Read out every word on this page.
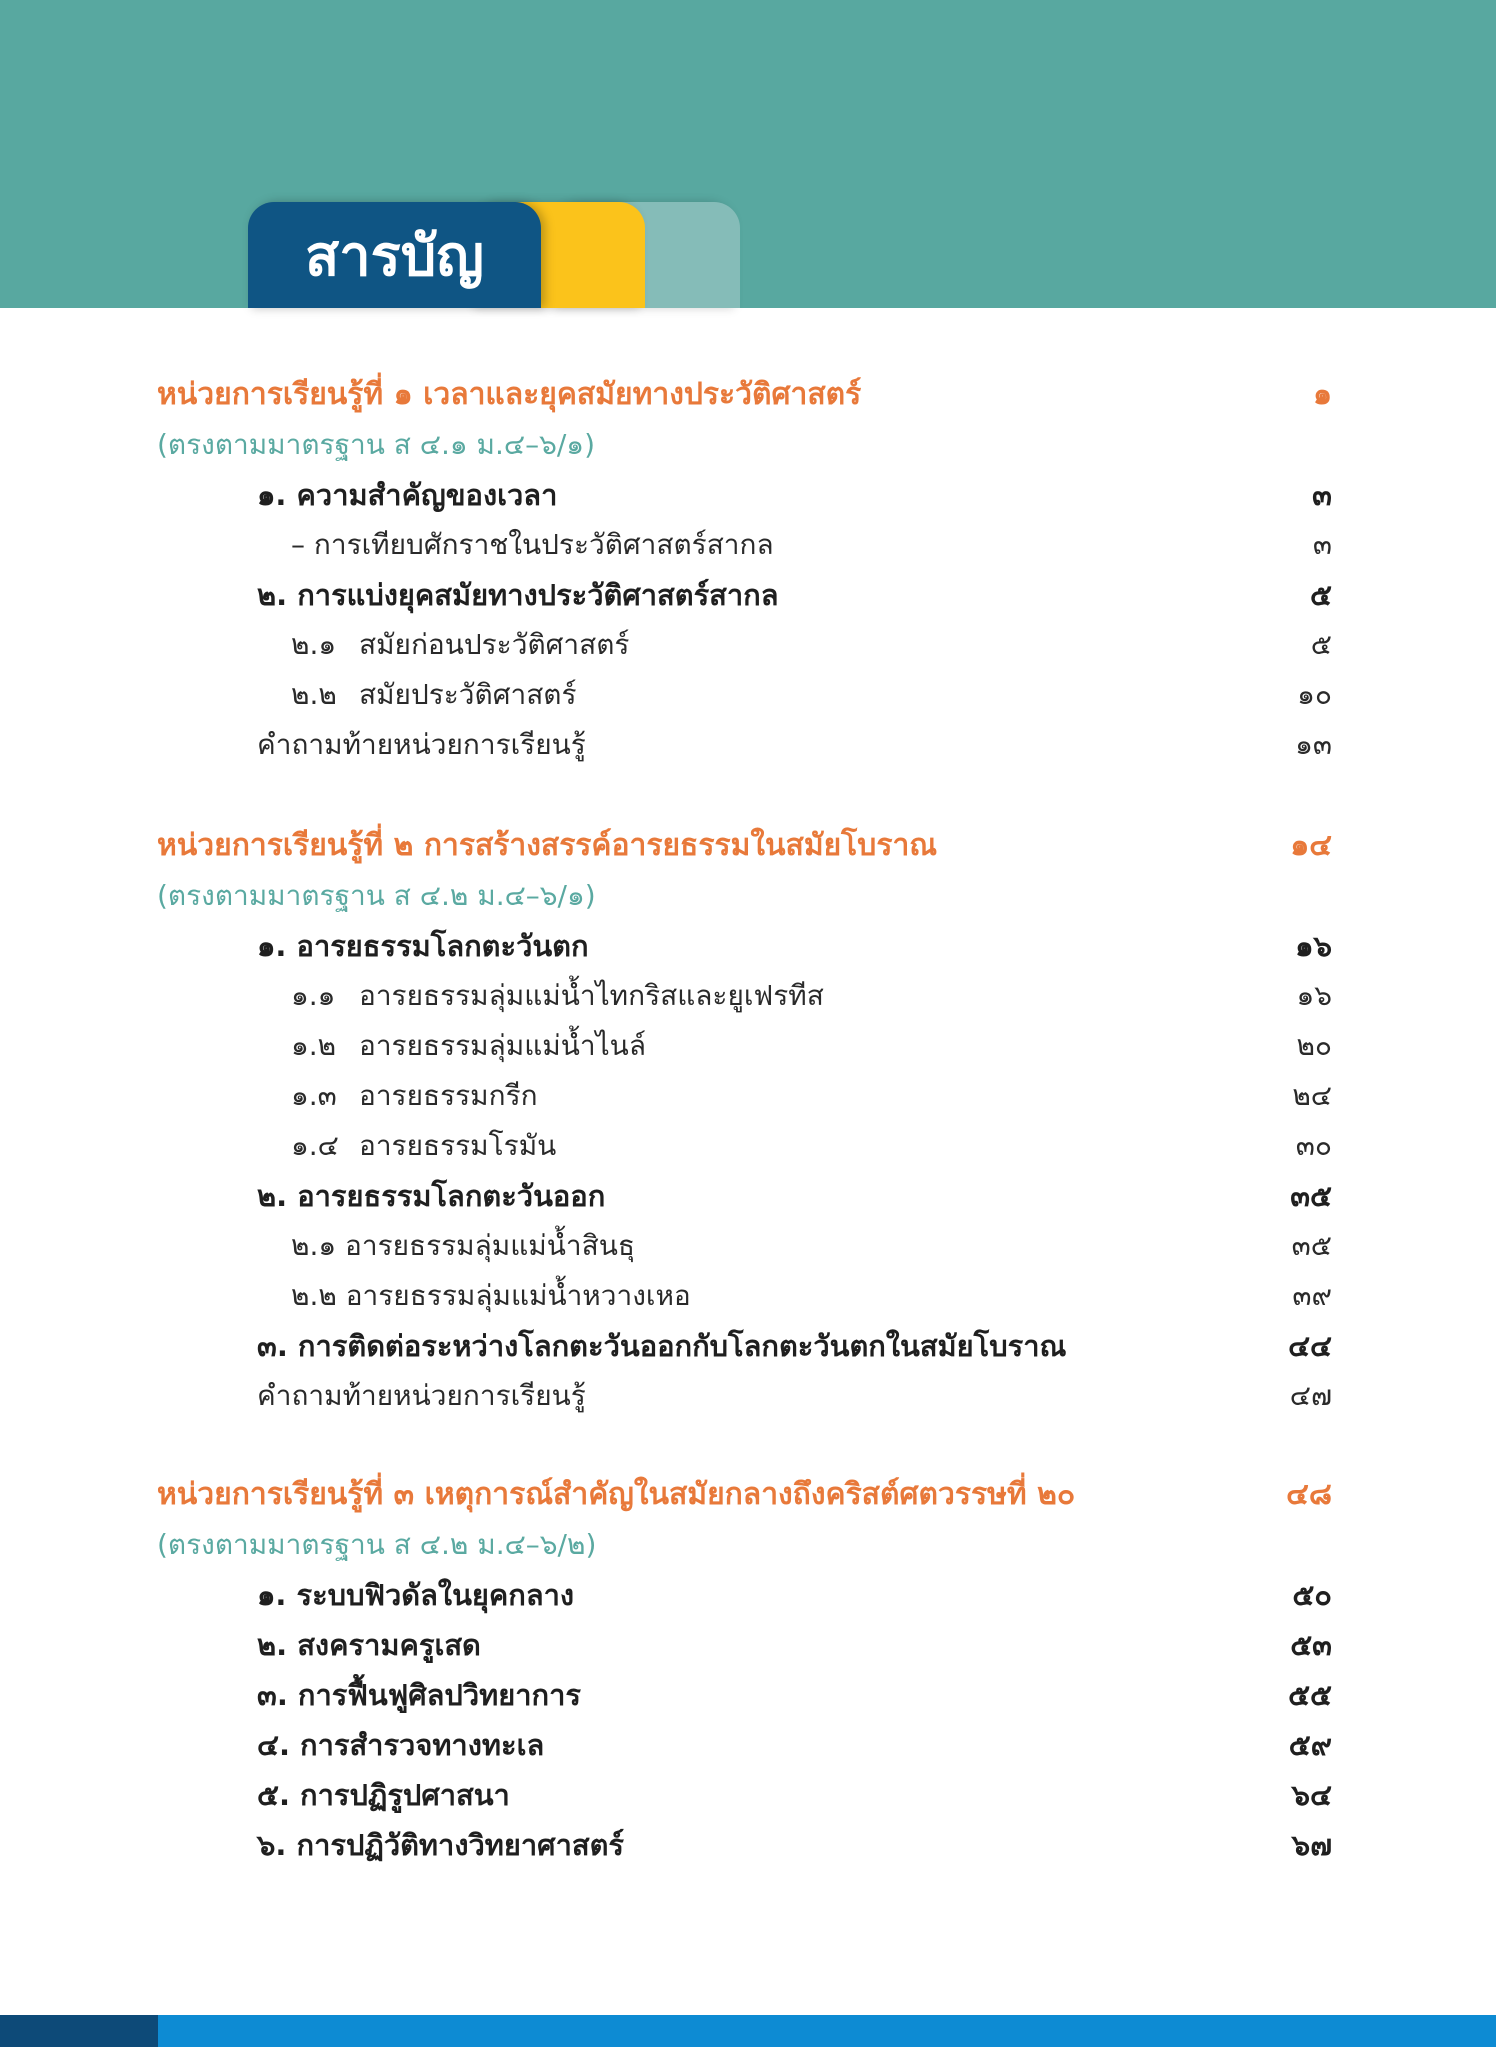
สารบัญ
หน่วยการเรียนรู้ที่ ๑ เวลาและยุคสมัยทางประวัติศาสตร์	๑
(ตรงตามมาตรฐาน ส ๔.๑ ม.๔–๖/๑)
๑. ความสำคัญของเวลา	๓
– การเทียบศักราชในประวัติศาสตร์สากล	๓
๒. การแบ่งยุคสมัยทางประวัติศาสตร์สากล	๕
๒.๑ สมัยก่อนประวัติศาสตร์	๕
๒.๒ สมัยประวัติศาสตร์	๑๐
คำถามท้ายหน่วยการเรียนรู้	๑๓
หน่วยการเรียนรู้ที่ ๒ การสร้างสรรค์อารยธรรมในสมัยโบราณ	๑๔
(ตรงตามมาตรฐาน ส ๔.๒ ม.๔–๖/๑)
๑. อารยธรรมโลกตะวันตก	๑๖
๑.๑ อารยธรรมลุ่มแม่น้ำไทกริสและยูเฟรทีส	๑๖
๑.๒ อารยธรรมลุ่มแม่น้ำไนล์	๒๐
๑.๓ อารยธรรมกรีก	๒๔
๑.๔ อารยธรรมโรมัน	๓๐
๒. อารยธรรมโลกตะวันออก	๓๕
๒.๑ อารยธรรมลุ่มแม่น้ำสินธุ	๓๕
๒.๒ อารยธรรมลุ่มแม่น้ำหวางเหอ	๓๙
๓. การติดต่อระหว่างโลกตะวันออกกับโลกตะวันตกในสมัยโบราณ	๔๔
คำถามท้ายหน่วยการเรียนรู้	๔๗
หน่วยการเรียนรู้ที่ ๓ เหตุการณ์สำคัญในสมัยกลางถึงคริสต์ศตวรรษที่ ๒๐	๔๘
(ตรงตามมาตรฐาน ส ๔.๒ ม.๔–๖/๒)
๑. ระบบฟิวดัลในยุคกลาง	๕๐
๒. สงครามครูเสด	๕๓
๓. การฟื้นฟูศิลปวิทยาการ	๕๕
๔. การสำรวจทางทะเล	๕๙
๕. การปฏิรูปศาสนา	๖๔
๖. การปฏิวัติทางวิทยาศาสตร์	๖๗
